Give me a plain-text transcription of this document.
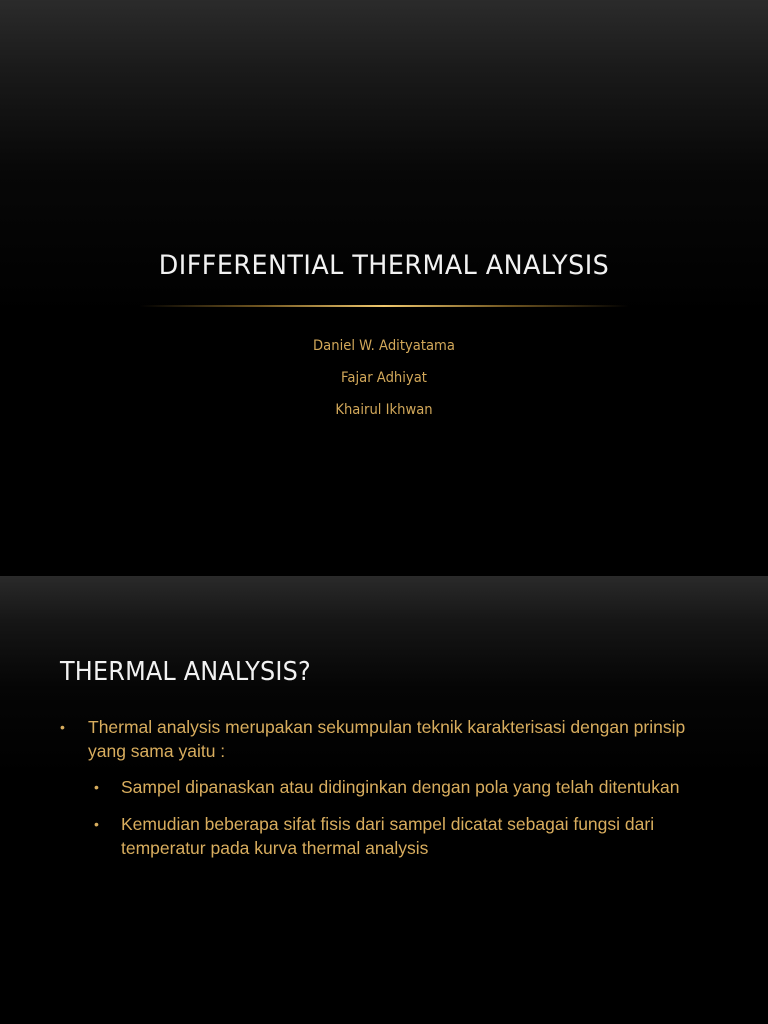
DIFFERENTIAL THERMAL ANALYSIS
Daniel W. Adityatama
Fajar Adhiyat
Khairul Ikhwan
THERMAL ANALYSIS?
• Thermal analysis merupakan sekumpulan teknik karakterisasi dengan prinsip yang sama yaitu :
• Sampel dipanaskan atau didinginkan dengan pola yang telah ditentukan
• Kemudian beberapa sifat fisis dari sampel dicatat sebagai fungsi dari temperatur pada kurva thermal analysis
